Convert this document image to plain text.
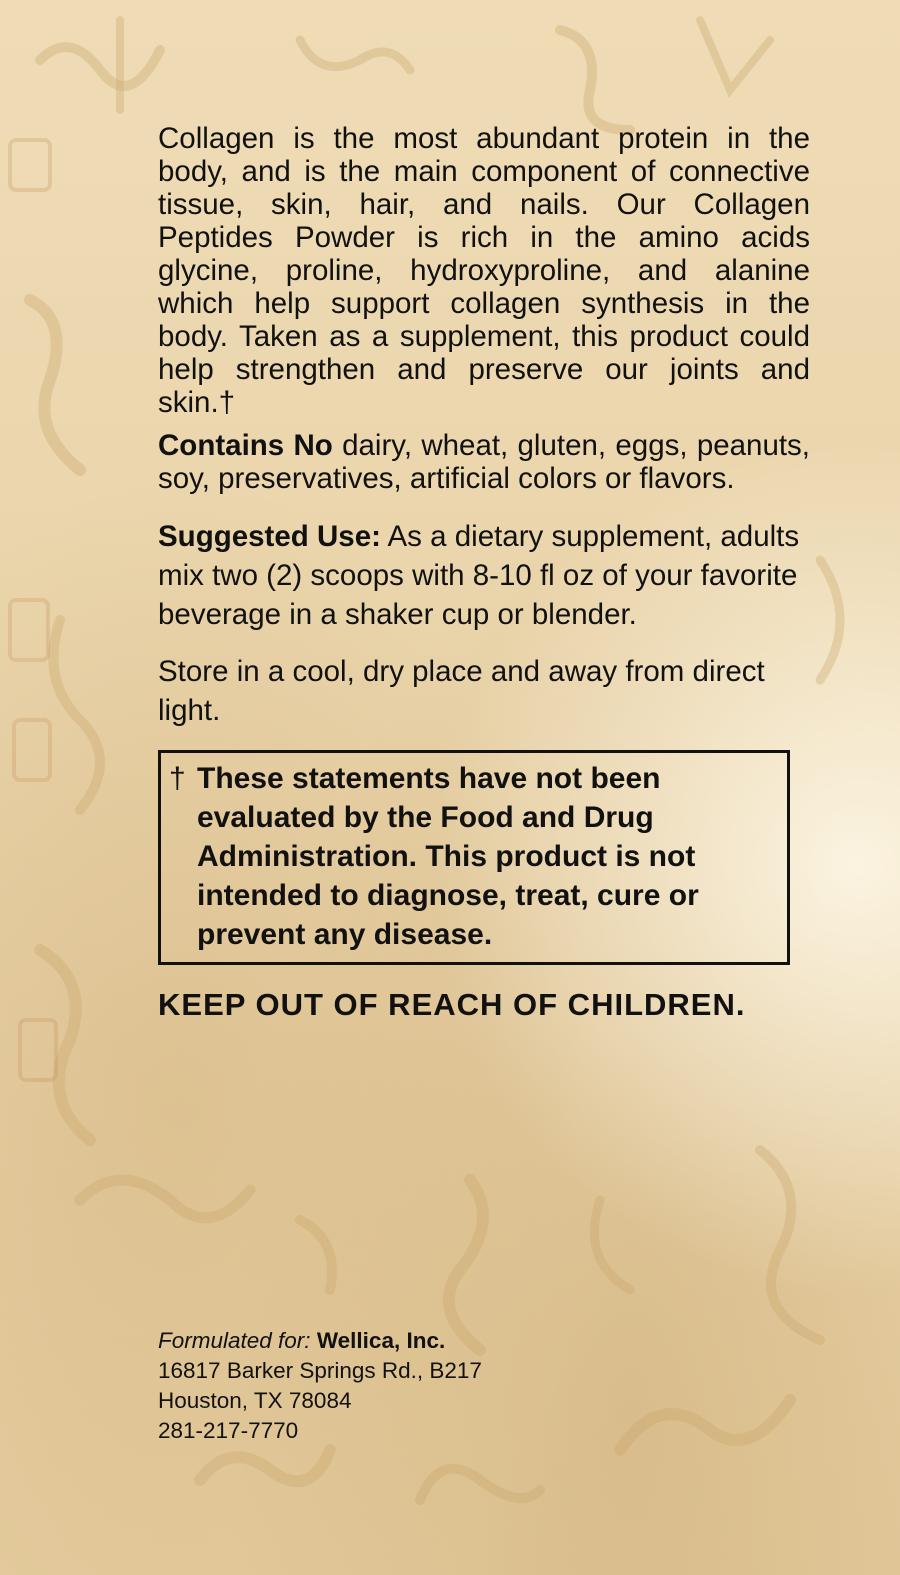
Collagen is the most abundant protein in the body, and is the main component of connective tissue, skin, hair, and nails. Our Collagen Peptides Powder is rich in the amino acids glycine, proline, hydroxyproline, and alanine which help support collagen synthesis in the body. Taken as a supplement, this product could help strengthen and preserve our joints and skin.†

Contains No dairy, wheat, gluten, eggs, peanuts, soy, preservatives, artificial colors or flavors.

Suggested Use: As a dietary supplement, adults mix two (2) scoops with 8-10 fl oz of your favorite beverage in a shaker cup or blender.

Store in a cool, dry place and away from direct light.

† These statements have not been evaluated by the Food and Drug Administration. This product is not intended to diagnose, treat, cure or prevent any disease.
KEEP OUT OF REACH OF CHILDREN.
Formulated for: Wellica, Inc.
16817 Barker Springs Rd., B217
Houston, TX 78084
281-217-7770
